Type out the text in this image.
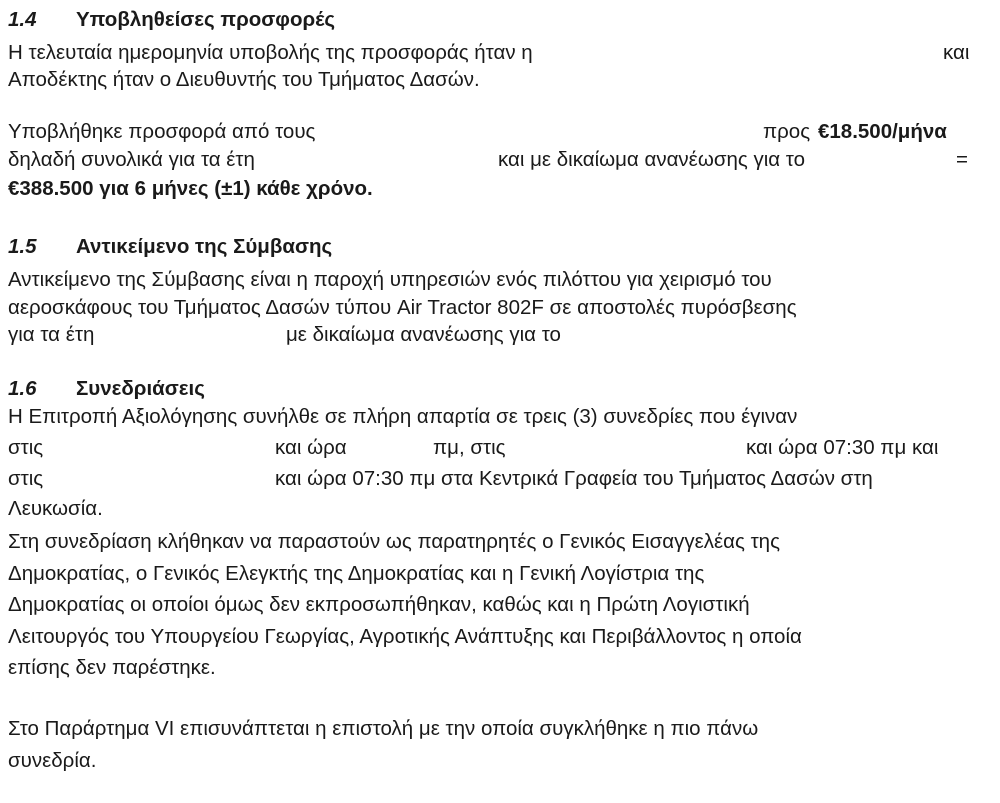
1.4 Υποβληθείσες προσφορές
Η τελευταία ημερομηνία υποβολής της προσφοράς ήταν η	και
Αποδέκτης ήταν ο Διευθυντής του Τμήματος Δασών.
Υποβλήθηκε προσφορά από τους	προς €18.500/μήνα
δηλαδή συνολικά για τα έτη	και με δικαίωμα ανανέωσης για το	=
€388.500 για 6 μήνες (±1) κάθε χρόνο.
1.5 Αντικείμενο της Σύμβασης
Αντικείμενο της Σύμβασης είναι η παροχή υπηρεσιών ενός πιλόττου για χειρισμό του
αεροσκάφους του Τμήματος Δασών τύπου Air Tractor 802F σε αποστολές πυρόσβεσης
για τα έτη	με δικαίωμα ανανέωσης για το
1.6 Συνεδριάσεις
Η Επιτροπή Αξιολόγησης συνήλθε σε πλήρη απαρτία σε τρεις (3) συνεδρίες που έγιναν
στις	και ώρα	πμ, στις	και ώρα 07:30 πμ και
στις	και ώρα 07:30 πμ στα Κεντρικά Γραφεία του Τμήματος Δασών στη
Λευκωσία.
Στη συνεδρίαση κλήθηκαν να παραστούν ως παρατηρητές ο Γενικός Εισαγγελέας της
Δημοκρατίας, ο Γενικός Ελεγκτής της Δημοκρατίας και η Γενική Λογίστρια της
Δημοκρατίας οι οποίοι όμως δεν εκπροσωπήθηκαν, καθώς και η Πρώτη Λογιστική
Λειτουργός του Υπουργείου Γεωργίας, Αγροτικής Ανάπτυξης και Περιβάλλοντος η οποία
επίσης δεν παρέστηκε.
Στο Παράρτημα VI επισυνάπτεται η επιστολή με την οποία συγκλήθηκε η πιο πάνω
συνεδρία.
